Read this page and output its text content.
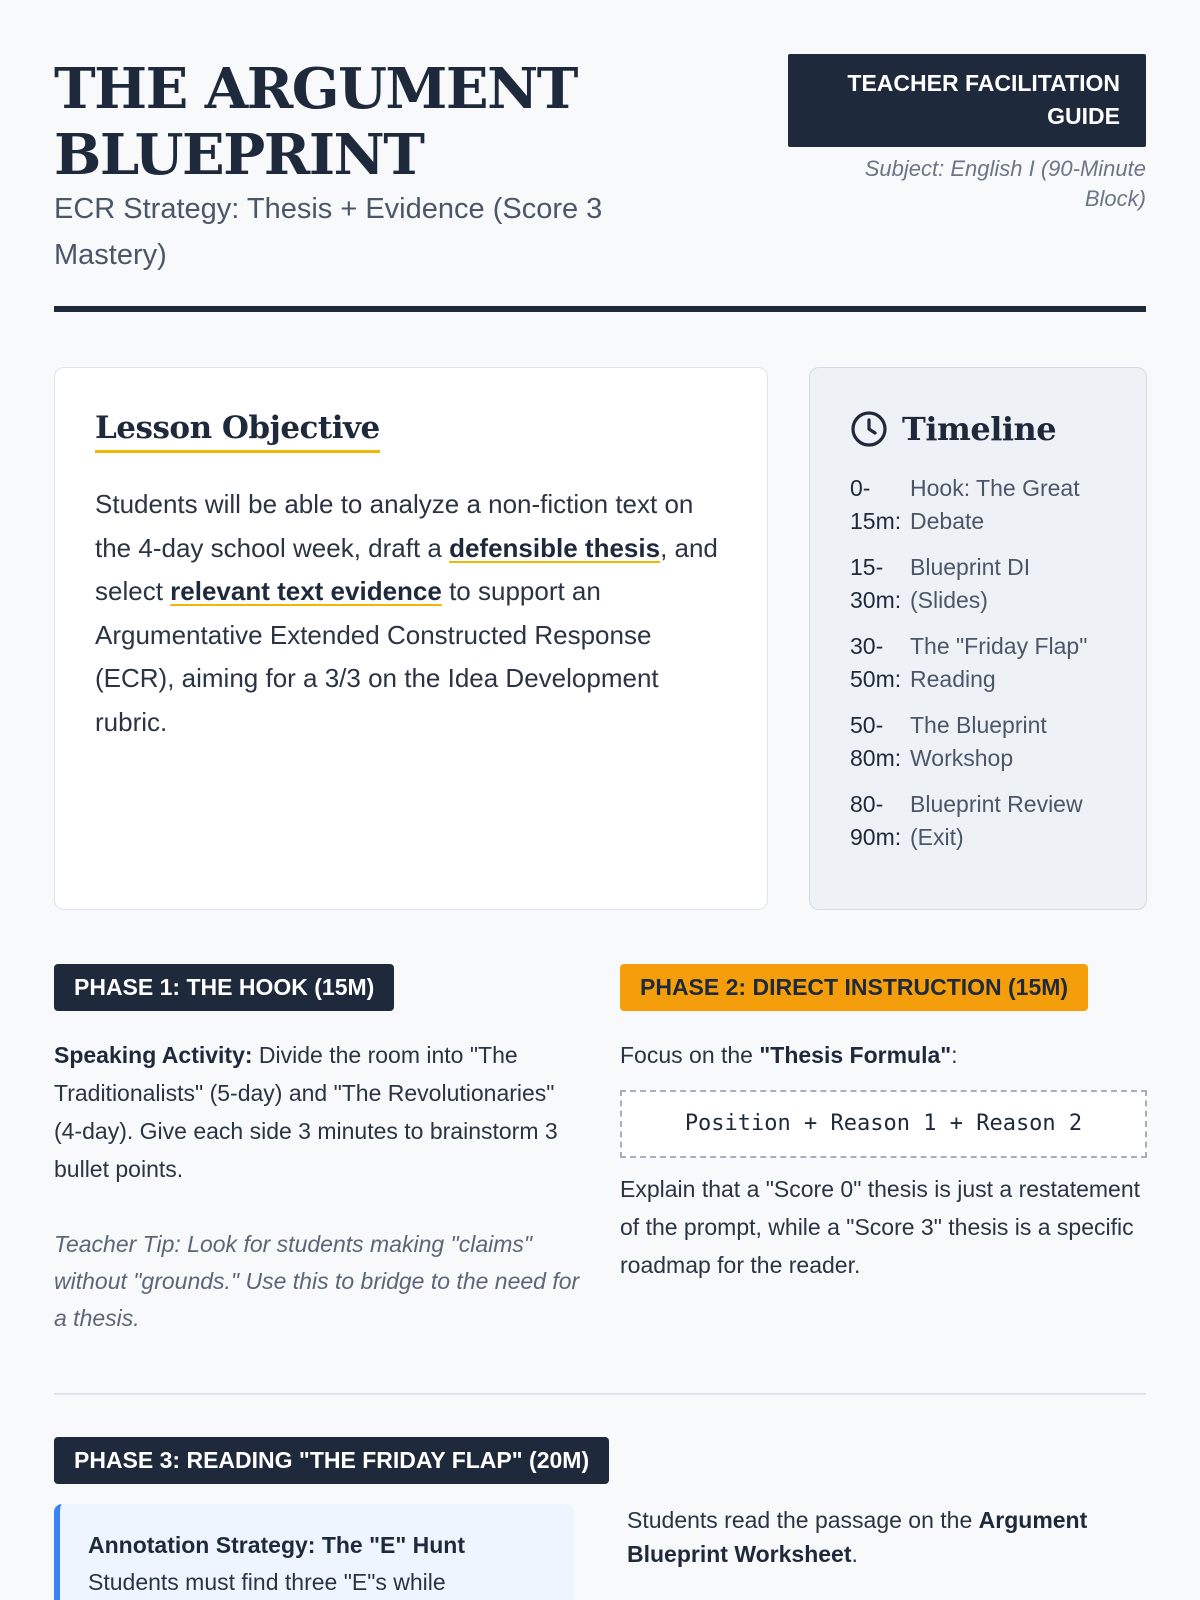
THE ARGUMENT BLUEPRINT
ECR Strategy: Thesis + Evidence (Score 3 Mastery)
TEACHER FACILITATION GUIDE
Subject: English I (90-Minute Block)
Lesson Objective

Students will be able to analyze a non-fiction text on the 4-day school week, draft a defensible thesis, and select relevant text evidence to support an Argumentative Extended Constructed Response (ECR), aiming for a 3/3 on the Idea Development rubric.

Timeline
0-15m:
Hook: The Great Debate
15-30m:
Blueprint DI (Slides)
30-50m:
The "Friday Flap" Reading
50-80m:
The Blueprint Workshop
80-90m:
Blueprint Review (Exit)
PHASE 1: THE HOOK (15M)

Speaking Activity: Divide the room into "The Traditionalists" (5-day) and "The Revolutionaries" (4-day). Give each side 3 minutes to brainstorm 3 bullet points.

Teacher Tip: Look for students making "claims" without "grounds." Use this to bridge to the need for a thesis.

PHASE 2: DIRECT INSTRUCTION (15M)

Focus on the "Thesis Formula":

Position + Reason 1 + Reason 2

Explain that a "Score 0" thesis is just a restatement of the prompt, while a "Score 3" thesis is a specific roadmap for the reader.

PHASE 3: READING "THE FRIDAY FLAP" (20M)
Annotation Strategy: The "E" Hunt
Students must find three "E"s while

Students read the passage on the Argument Blueprint Worksheet.
